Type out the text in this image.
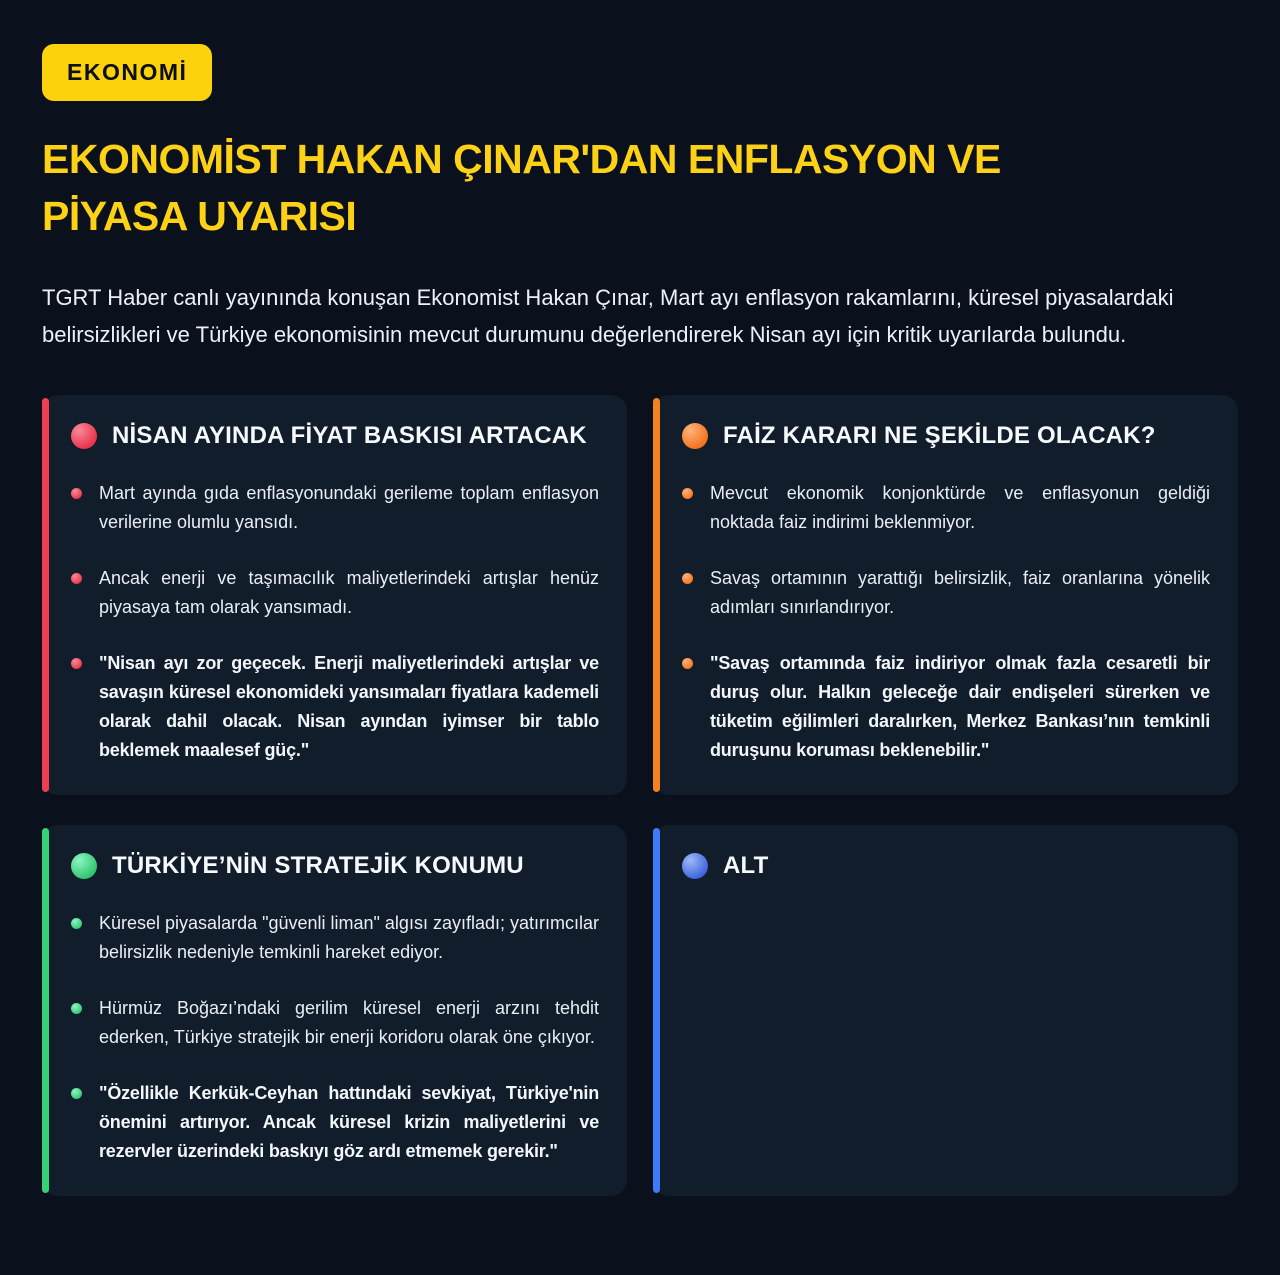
EKONOMİ
EKONOMİST HAKAN ÇINAR'DAN ENFLASYON VE PİYASA UYARISI

TGRT Haber canlı yayınında konuşan Ekonomist Hakan Çınar, Mart ayı enflasyon rakamlarını, küresel piyasalardaki belirsizlikleri ve Türkiye ekonomisinin mevcut durumunu değerlendirerek Nisan ayı için kritik uyarılarda bulundu.

NİSAN AYINDA FİYAT BASKISI ARTACAK

Mart ayında gıda enflasyonundaki gerileme toplam enflasyon verilerine olumlu yansıdı.

Ancak enerji ve taşımacılık maliyetlerindeki artışlar henüz piyasaya tam olarak yansımadı.

"Nisan ayı zor geçecek. Enerji maliyetlerindeki artışlar ve savaşın küresel ekonomideki yansımaları fiyatlara kademeli olarak dahil olacak. Nisan ayından iyimser bir tablo beklemek maalesef güç."

FAİZ KARARI NE ŞEKİLDE OLACAK?

Mevcut ekonomik konjonktürde ve enflasyonun geldiği noktada faiz indirimi beklenmiyor.

Savaş ortamının yarattığı belirsizlik, faiz oranlarına yönelik adımları sınırlandırıyor.

"Savaş ortamında faiz indiriyor olmak fazla cesaretli bir duruş olur. Halkın geleceğe dair endişeleri sürerken ve tüketim eğilimleri daralırken, Merkez Bankası’nın temkinli duruşunu koruması beklenebilir."

TÜRKİYE’NİN STRATEJİK KONUMU

Küresel piyasalarda "güvenli liman" algısı zayıfladı; yatırımcılar belirsizlik nedeniyle temkinli hareket ediyor.

Hürmüz Boğazı’ndaki gerilim küresel enerji arzını tehdit ederken, Türkiye stratejik bir enerji koridoru olarak öne çıkıyor.

"Özellikle Kerkük-Ceyhan hattındaki sevkiyat, Türkiye'nin önemini artırıyor. Ancak küresel krizin maliyetlerini ve rezervler üzerindeki baskıyı göz ardı etmemek gerekir."

ALT
